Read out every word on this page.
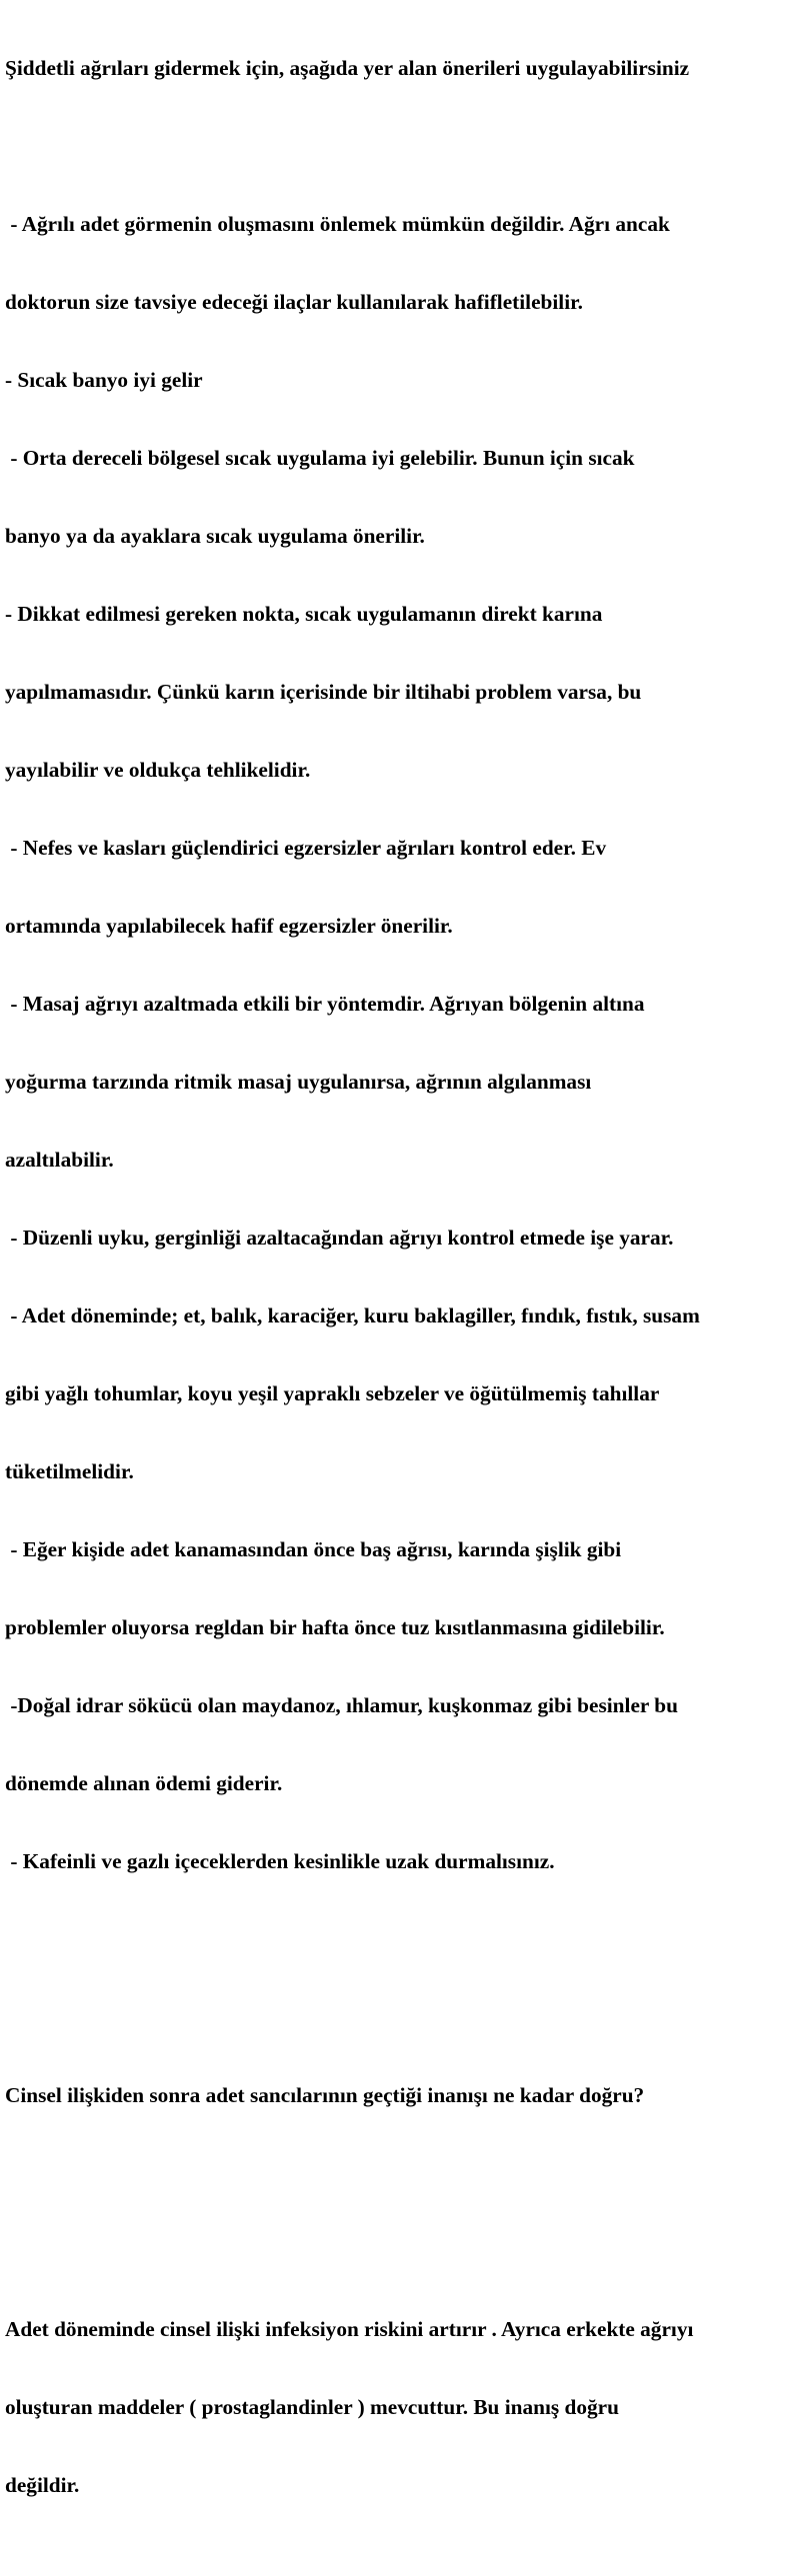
Şiddetli ağrıları gidermek için, aşağıda yer alan önerileri uygulayabilirsiniz

- Ağrılı adet görmenin oluşmasını önlemek mümkün değildir. Ağrı ancak

doktorun size tavsiye edeceği ilaçlar kullanılarak hafifletilebilir.

- Sıcak banyo iyi gelir

- Orta dereceli bölgesel sıcak uygulama iyi gelebilir. Bunun için sıcak

banyo ya da ayaklara sıcak uygulama önerilir.

- Dikkat edilmesi gereken nokta, sıcak uygulamanın direkt karına

yapılmamasıdır. Çünkü karın içerisinde bir iltihabi problem varsa, bu

yayılabilir ve oldukça tehlikelidir.

- Nefes ve kasları güçlendirici egzersizler ağrıları kontrol eder. Ev

ortamında yapılabilecek hafif egzersizler önerilir.

- Masaj ağrıyı azaltmada etkili bir yöntemdir. Ağrıyan bölgenin altına

yoğurma tarzında ritmik masaj uygulanırsa, ağrının algılanması

azaltılabilir.

- Düzenli uyku, gerginliği azaltacağından ağrıyı kontrol etmede işe yarar.

- Adet döneminde; et, balık, karaciğer, kuru baklagiller, fındık, fıstık, susam

gibi yağlı tohumlar, koyu yeşil yapraklı sebzeler ve öğütülmemiş tahıllar

tüketilmelidir.

- Eğer kişide adet kanamasından önce baş ağrısı, karında şişlik gibi

problemler oluyorsa regldan bir hafta önce tuz kısıtlanmasına gidilebilir.

-Doğal idrar sökücü olan maydanoz, ıhlamur, kuşkonmaz gibi besinler bu

dönemde alınan ödemi giderir.

- Kafeinli ve gazlı içeceklerden kesinlikle uzak durmalısınız.

Cinsel ilişkiden sonra adet sancılarının geçtiği inanışı ne kadar doğru?

Adet döneminde cinsel ilişki infeksiyon riskini artırır . Ayrıca erkekte ağrıyı

oluşturan maddeler ( prostaglandinler ) mevcuttur. Bu inanış doğru

değildir.
